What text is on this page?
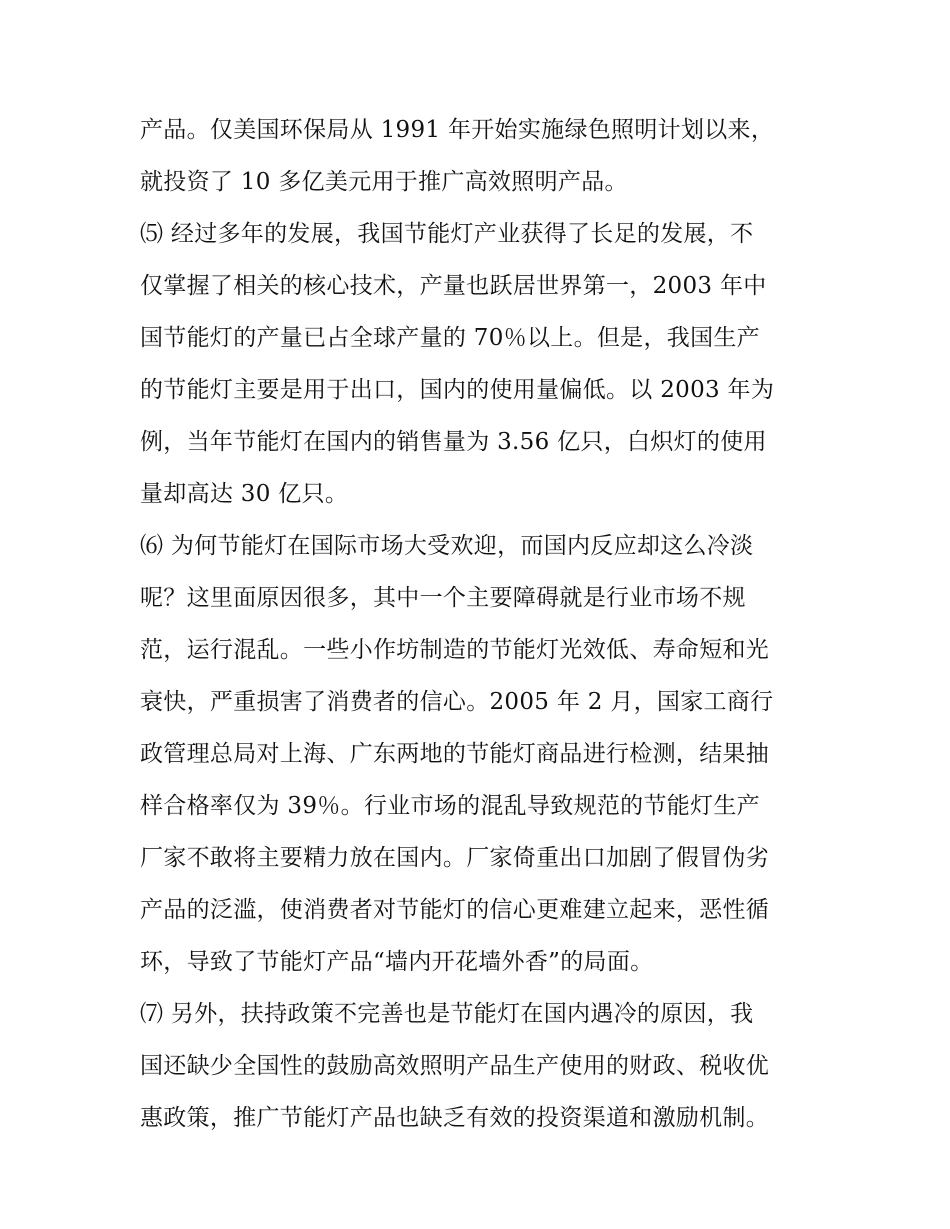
产品。仅美国环保局从 1991 年开始实施绿色照明计划以来，
就投资了 10 多亿美元用于推广高效照明产品。
⑸ 经过多年的发展，我国节能灯产业获得了长足的发展，不
仅掌握了相关的核心技术，产量也跃居世界第一，2003 年中
国节能灯的产量已占全球产量的 70％以上。但是，我国生产
的节能灯主要是用于出口，国内的使用量偏低。以 2003 年为
例，当年节能灯在国内的销售量为 3.56 亿只，白炽灯的使用
量却高达 30 亿只。
⑹ 为何节能灯在国际市场大受欢迎，而国内反应却这么冷淡
呢？这里面原因很多，其中一个主要障碍就是行业市场不规
范，运行混乱。一些小作坊制造的节能灯光效低、寿命短和光
衰快，严重损害了消费者的信心。2005 年 2 月，国家工商行
政管理总局对上海、广东两地的节能灯商品进行检测，结果抽
样合格率仅为 39％。行业市场的混乱导致规范的节能灯生产
厂家不敢将主要精力放在国内。厂家倚重出口加剧了假冒伪劣
产品的泛滥，使消费者对节能灯的信心更难建立起来，恶性循
环，导致了节能灯产品“墙内开花墙外香”的局面。
⑺ 另外，扶持政策不完善也是节能灯在国内遇冷的原因，我
国还缺少全国性的鼓励高效照明产品生产使用的财政、税收优
惠政策，推广节能灯产品也缺乏有效的投资渠道和激励机制。
